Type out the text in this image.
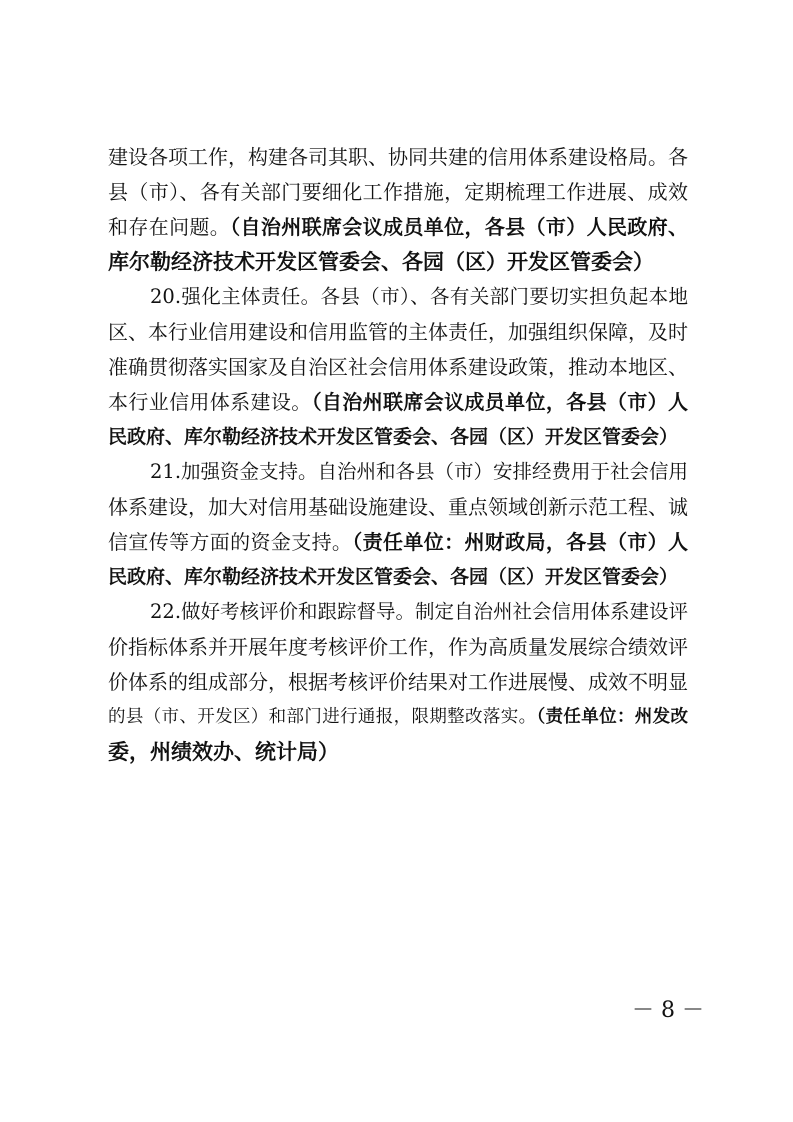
建设各项工作，构建各司其职、协同共建的信用体系建设格局。各
县（市）、各有关部门要细化工作措施，定期梳理工作进展、成效
和存在问题。（自治州联席会议成员单位，各县（市）人民政府、
库尔勒经济技术开发区管委会、各园（区）开发区管委会）
20.强化主体责任。各县（市）、各有关部门要切实担负起本地
区、本行业信用建设和信用监管的主体责任，加强组织保障，及时
准确贯彻落实国家及自治区社会信用体系建设政策，推动本地区、
本行业信用体系建设。（自治州联席会议成员单位，各县（市）人
民政府、库尔勒经济技术开发区管委会、各园（区）开发区管委会）
21.加强资金支持。自治州和各县（市）安排经费用于社会信用
体系建设，加大对信用基础设施建设、重点领域创新示范工程、诚
信宣传等方面的资金支持。（责任单位：州财政局，各县（市）人
民政府、库尔勒经济技术开发区管委会、各园（区）开发区管委会）
22.做好考核评价和跟踪督导。制定自治州社会信用体系建设评
价指标体系并开展年度考核评价工作，作为高质量发展综合绩效评
价体系的组成部分，根据考核评价结果对工作进展慢、成效不明显
的县（市、开发区）和部门进行通报，限期整改落实。（责任单位：州发改
委，州绩效办、统计局）
－ 8 －
